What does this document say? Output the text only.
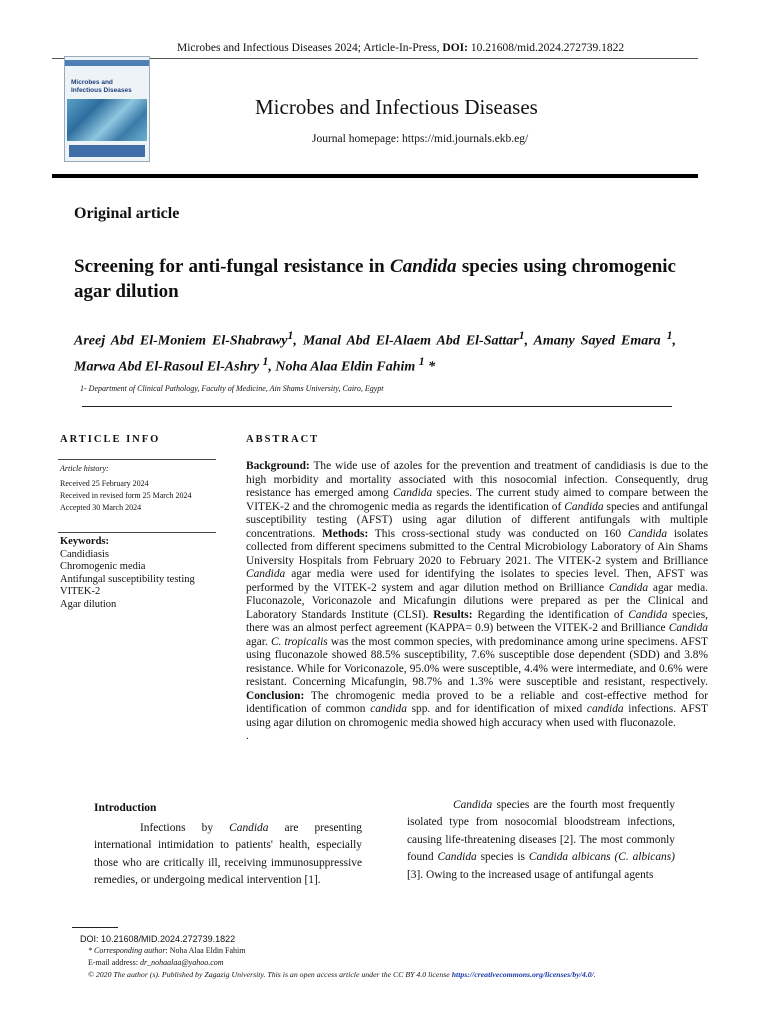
Microbes and Infectious Diseases 2024; Article-In-Press, DOI: 10.21608/mid.2024.272739.1822
Microbes and
Infectious Diseases
Microbes and Infectious Diseases
Journal homepage: https://mid.journals.ekb.eg/
Original article
Screening for anti-fungal resistance in Candida species using chromogenic agar dilution
Areej Abd El-Moniem El-Shabrawy$^1$, Manal Abd El-Alaem Abd El-Sattar$^1$, Amany Sayed Emara $^1$, Marwa Abd El-Rasoul El-Ashry $^1$, Noha Alaa Eldin Fahim $^1$ *
1- Department of Clinical Pathology, Faculty of Medicine, Ain Shams University, Cairo, Egypt
ARTICLE INFO	ABSTRACT
Article history:
Received 25 February 2024
Received in revised form 25 March 2024
Accepted 30 March 2024
Keywords:
Candidiasis
Chromogenic media
Antifungal susceptibility testing
VITEK-2
Agar dilution
Background: The wide use of azoles for the prevention and treatment of candidiasis is due to the high morbidity and mortality associated with this nosocomial infection. Consequently, drug resistance has emerged among Candida species. The current study aimed to compare between the VITEK-2 and the chromogenic media as regards the identification of Candida species and antifungal susceptibility testing (AFST) using agar dilution of different antifungals with multiple concentrations. Methods: This cross-sectional study was conducted on 160 Candida isolates collected from different specimens submitted to the Central Microbiology Laboratory of Ain Shams University Hospitals from February 2020 to February 2021. The VITEK-2 system and Brilliance Candida agar media were used for identifying the isolates to species level. Then, AFST was performed by the VITEK-2 system and agar dilution method on Brilliance Candida agar media. Fluconazole, Voriconazole and Micafungin dilutions were prepared as per the Clinical and Laboratory Standards Institute (CLSI). Results: Regarding the identification of Candida species, there was an almost perfect agreement (KAPPA= 0.9) between the VITEK-2 and Brilliance Candida agar. C. tropicalis was the most common species, with predominance among urine specimens. AFST using fluconazole showed 88.5% susceptibility, 7.6% susceptible dose dependent (SDD) and 3.8% resistance. While for Voriconazole, 95.0% were susceptible, 4.4% were intermediate, and 0.6% were resistant. Concerning Micafungin, 98.7% and 1.3% were susceptible and resistant, respectively. Conclusion: The chromogenic media proved to be a reliable and cost-effective method for identification of common candida spp. and for identification of mixed candida infections. AFST using agar dilution on chromogenic media showed high accuracy when used with fluconazole.
.
Introduction
Infections by Candida are presenting international intimidation to patients' health, especially those who are critically ill, receiving immunosuppressive remedies, or undergoing medical intervention [1].
Candida species are the fourth most frequently isolated type from nosocomial bloodstream infections, causing life-threatening diseases [2]. The most commonly found Candida species is Candida albicans (C. albicans) [3]. Owing to the increased usage of antifungal agents
DOI: 10.21608/MID.2024.272739.1822
* Corresponding author: Noha Alaa Eldin Fahim
E-mail address: dr_nohaalaa@yahoo.com
© 2020 The author (s). Published by Zagazig University. This is an open access article under the CC BY 4.0 license https://creativecommons.org/licenses/by/4.0/.
